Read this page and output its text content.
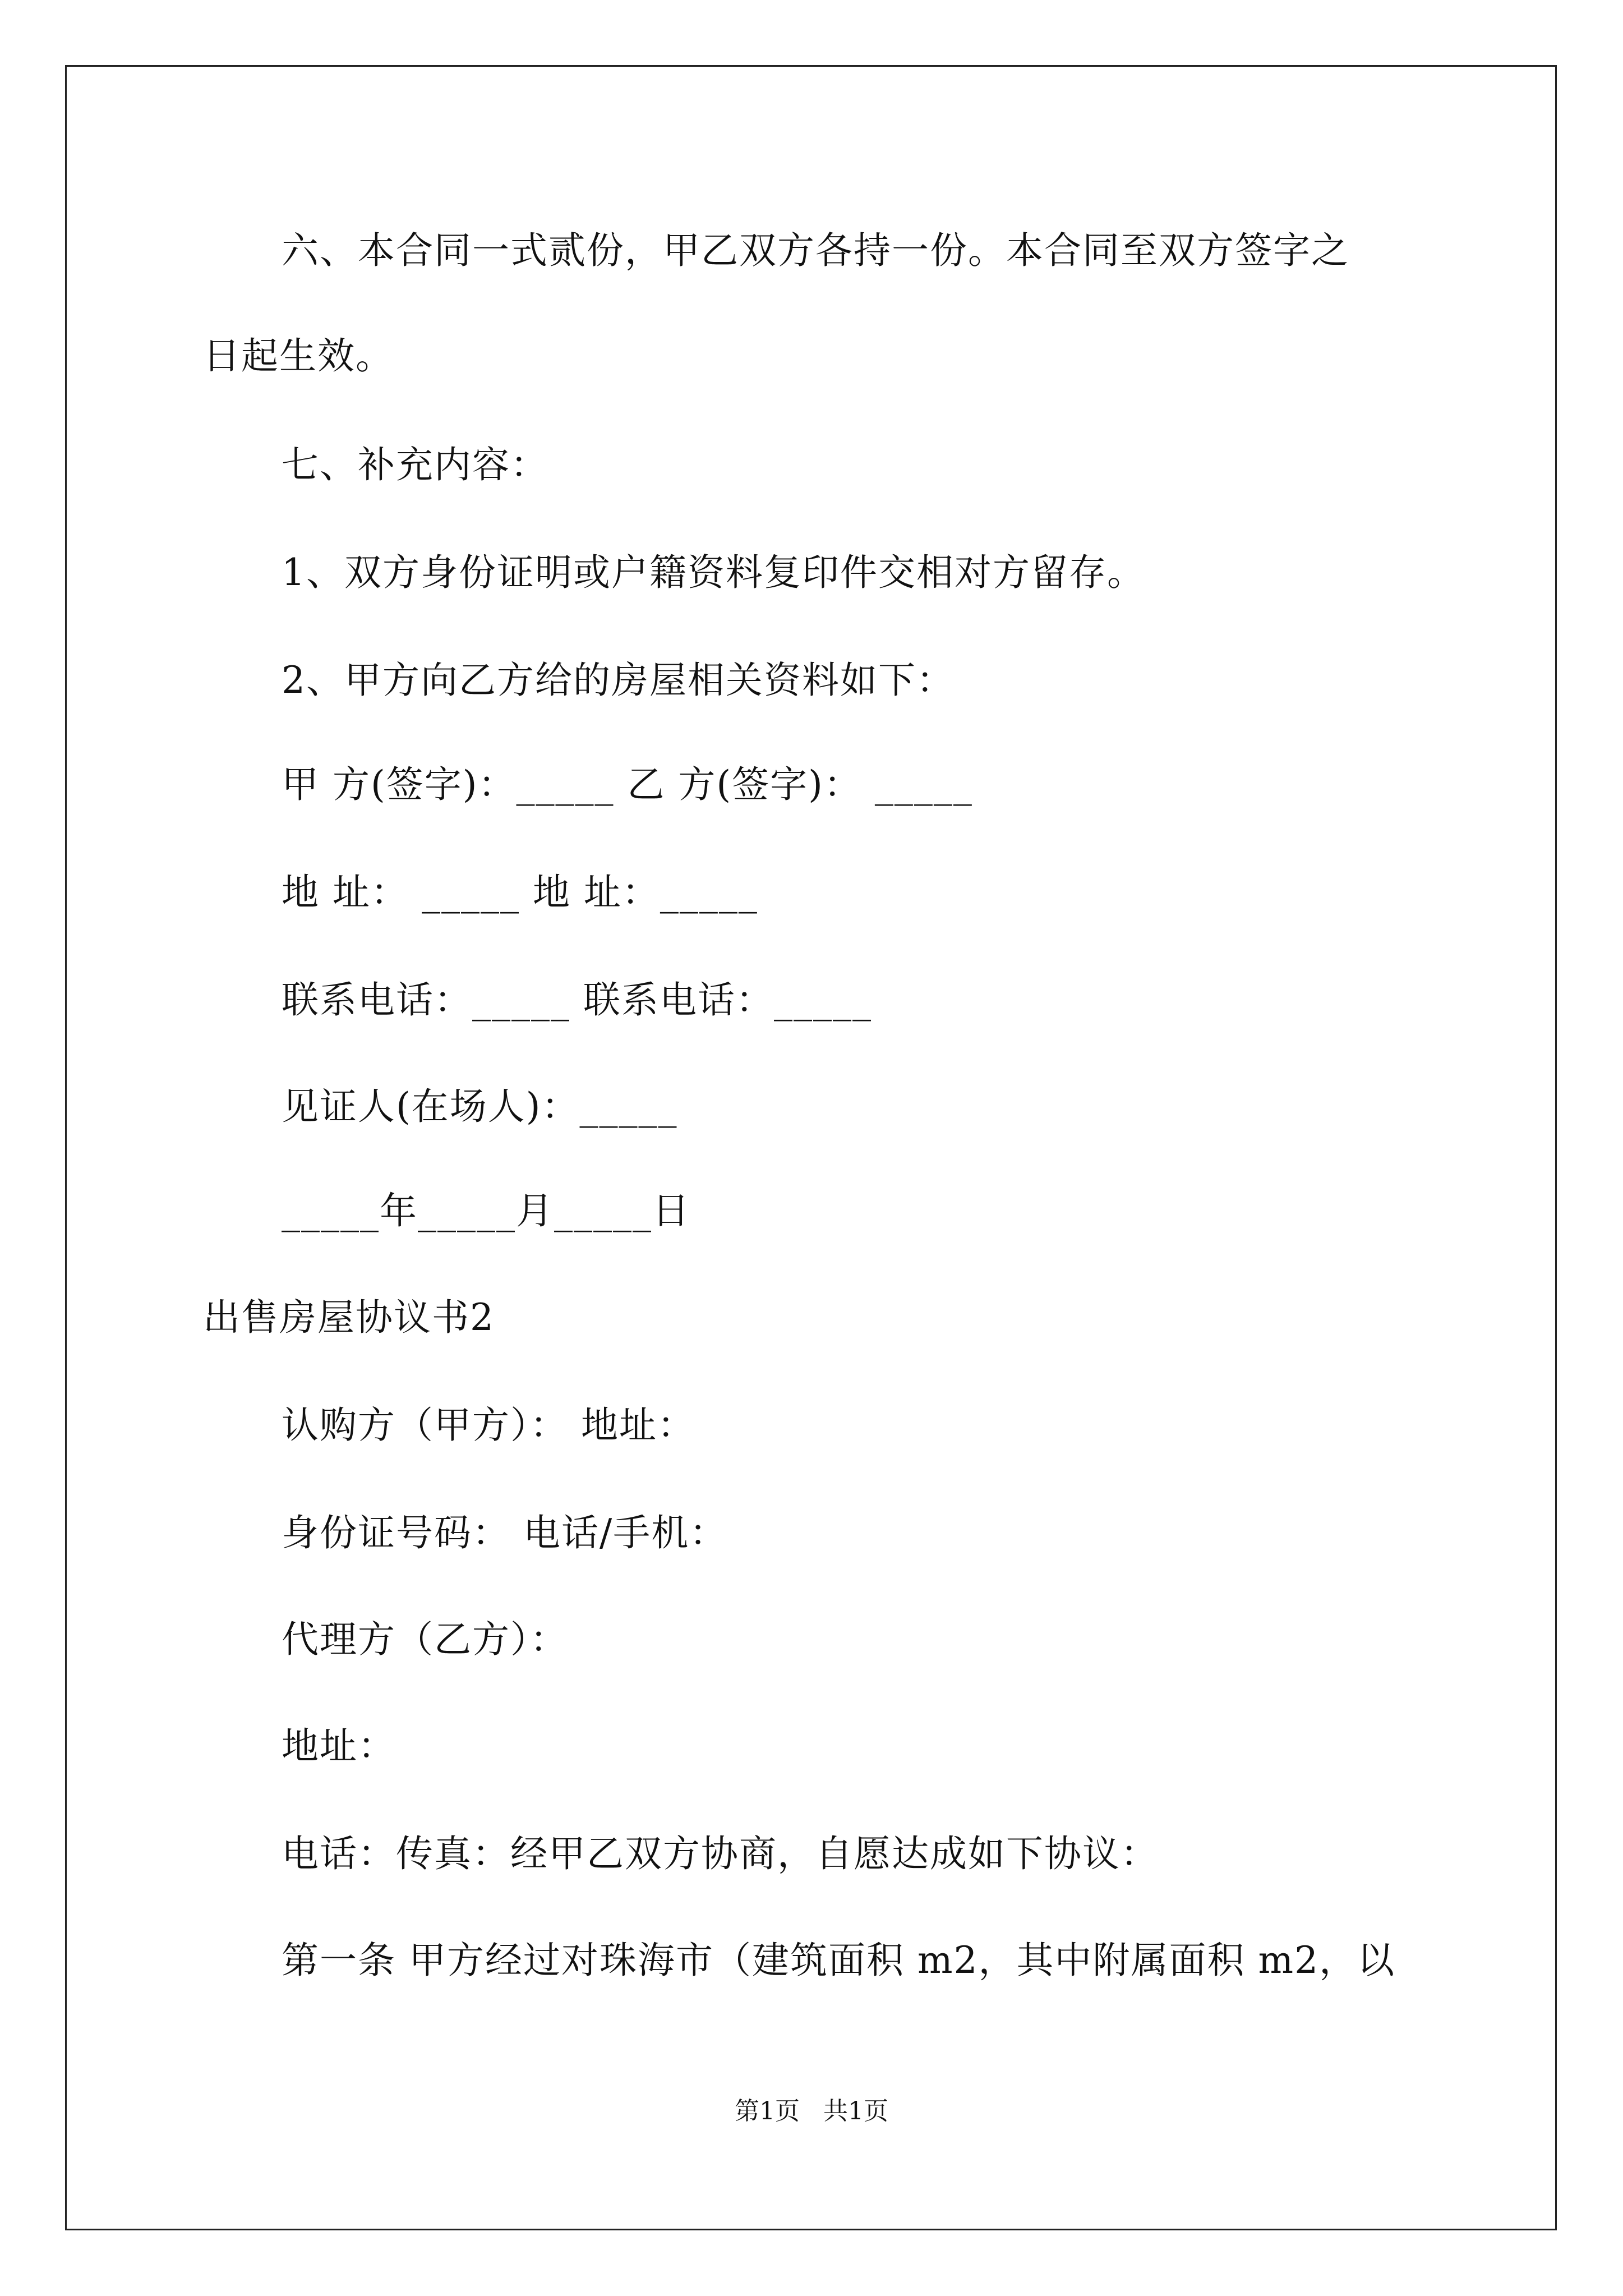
六、本合同一式贰份，甲乙双方各持一份。本合同至双方签字之
日起生效。
七、补充内容：
1、双方身份证明或户籍资料复印件交相对方留存。
2、甲方向乙方给的房屋相关资料如下：
甲 方(签字)：_____ 乙 方(签字)： _____
地 址： _____ 地 址：_____
联系电话：_____ 联系电话：_____
见证人(在场人)：_____
_____年_____月_____日
出售房屋协议书2
认购方（甲方）： 地址：
身份证号码： 电话/手机：
代理方（乙方）：
地址：
电话：传真：经甲乙双方协商，自愿达成如下协议：
第一条 甲方经过对珠海市（建筑面积 m2，其中附属面积 m2，以
第1页   共1页
